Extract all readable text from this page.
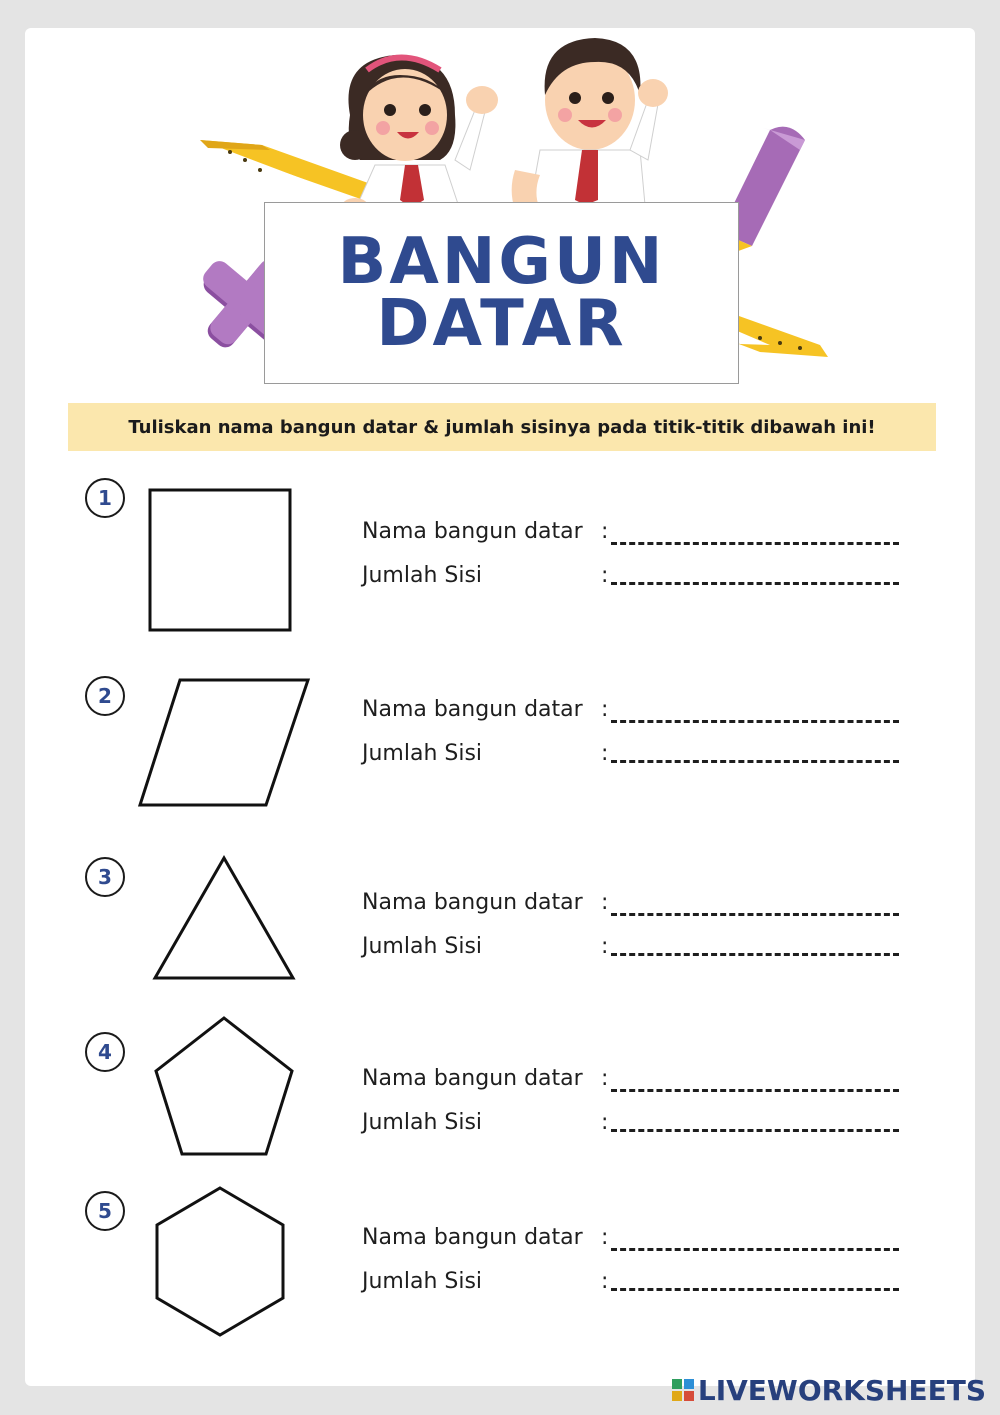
BANGUN
DATAR
Tuliskan nama bangun datar & jumlah sisinya pada titik-titik dibawah ini!
1
Nama bangun datar :
Jumlah Sisi	:
2
Nama bangun datar :
Jumlah Sisi	:
3
Nama bangun datar :
Jumlah Sisi	:
4
Nama bangun datar :
Jumlah Sisi	:
5
Nama bangun datar :
Jumlah Sisi	:
LIVEWORKSHEETS
